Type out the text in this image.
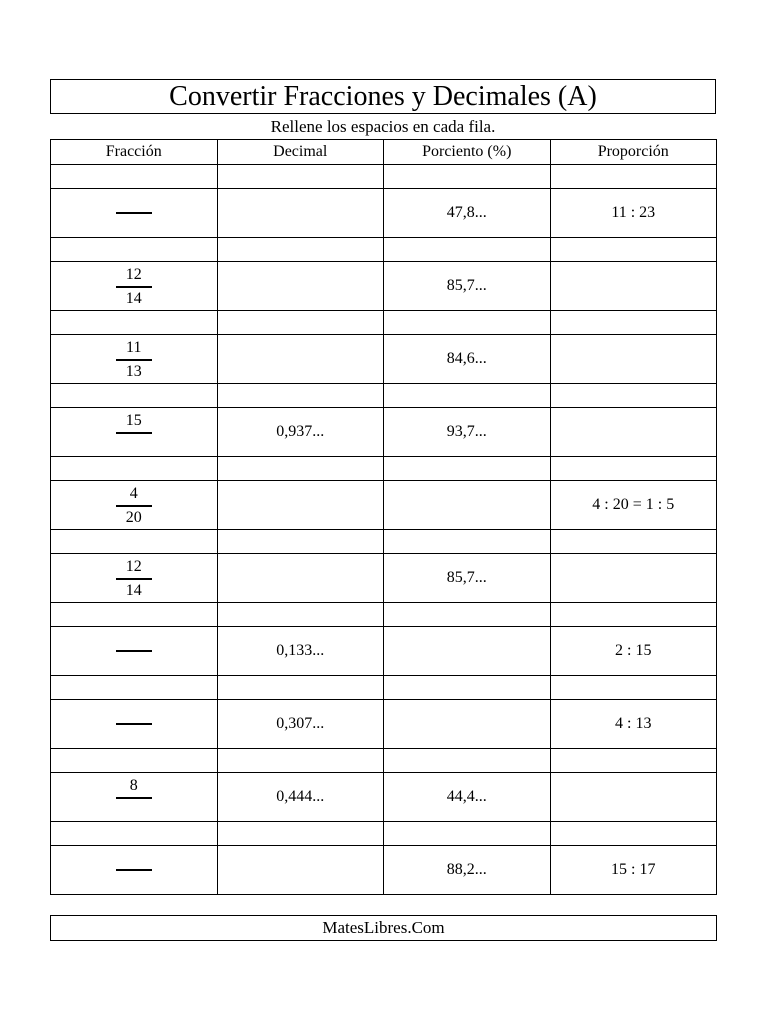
Convertir Fracciones y Decimales (A)
Rellene los espacios en cada fila.
Fracción	Decimal	Porciento (%)	Proporción

		47,8...	11 : 23

$\frac{12}{14}$		85,7...	

$\frac{11}{13}$		84,6...	

15	0,937...	93,7...	

$\frac{4}{20}$			4 : 20 = 1 : 5

$\frac{12}{14}$		85,7...	

	0,133...		2 : 15

	0,307...		4 : 13

8	0,444...	44,4...	

		88,2...	15 : 17
MatesLibres.Com
